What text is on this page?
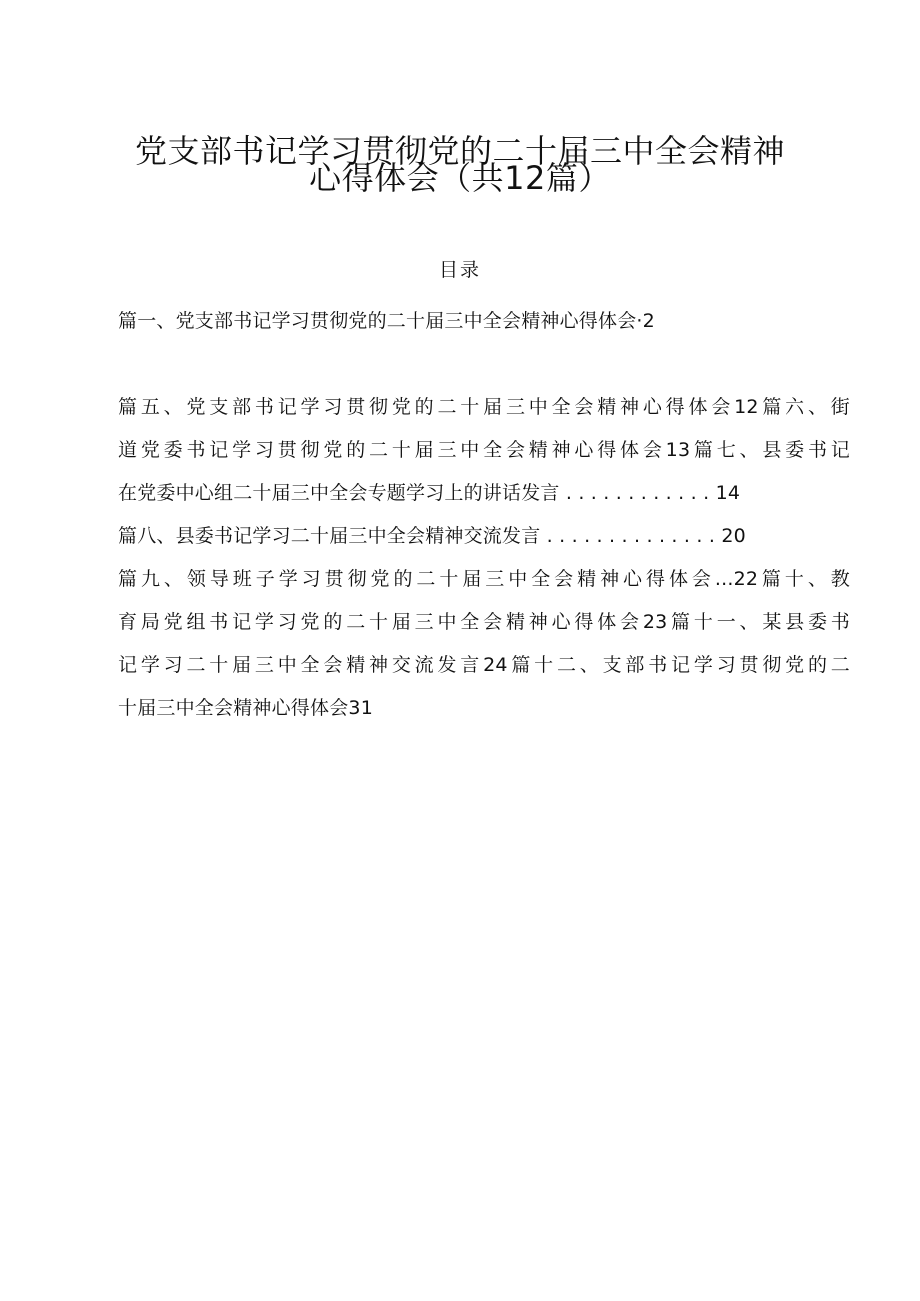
党支部书记学习贯彻党的二十届三中全会精神
心得体会（共12篇）
目录
篇一、党支部书记学习贯彻党的二十届三中全会精神心得体会·2
篇五、党支部书记学习贯彻党的二十届三中全会精神心得体会12篇六、街
道党委书记学习贯彻党的二十届三中全会精神心得体会13篇七、县委书记
在党委中心组二十届三中全会专题学习上的讲话发言 . . . . . . . . . . . . 14
篇八、县委书记学习二十届三中全会精神交流发言 . . . . . . . . . . . . . . 20
篇九、领导班子学习贯彻党的二十届三中全会精神心得体会...22篇十、教
育局党组书记学习党的二十届三中全会精神心得体会23篇十一、某县委书
记学习二十届三中全会精神交流发言24篇十二、支部书记学习贯彻党的二
十届三中全会精神心得体会31
